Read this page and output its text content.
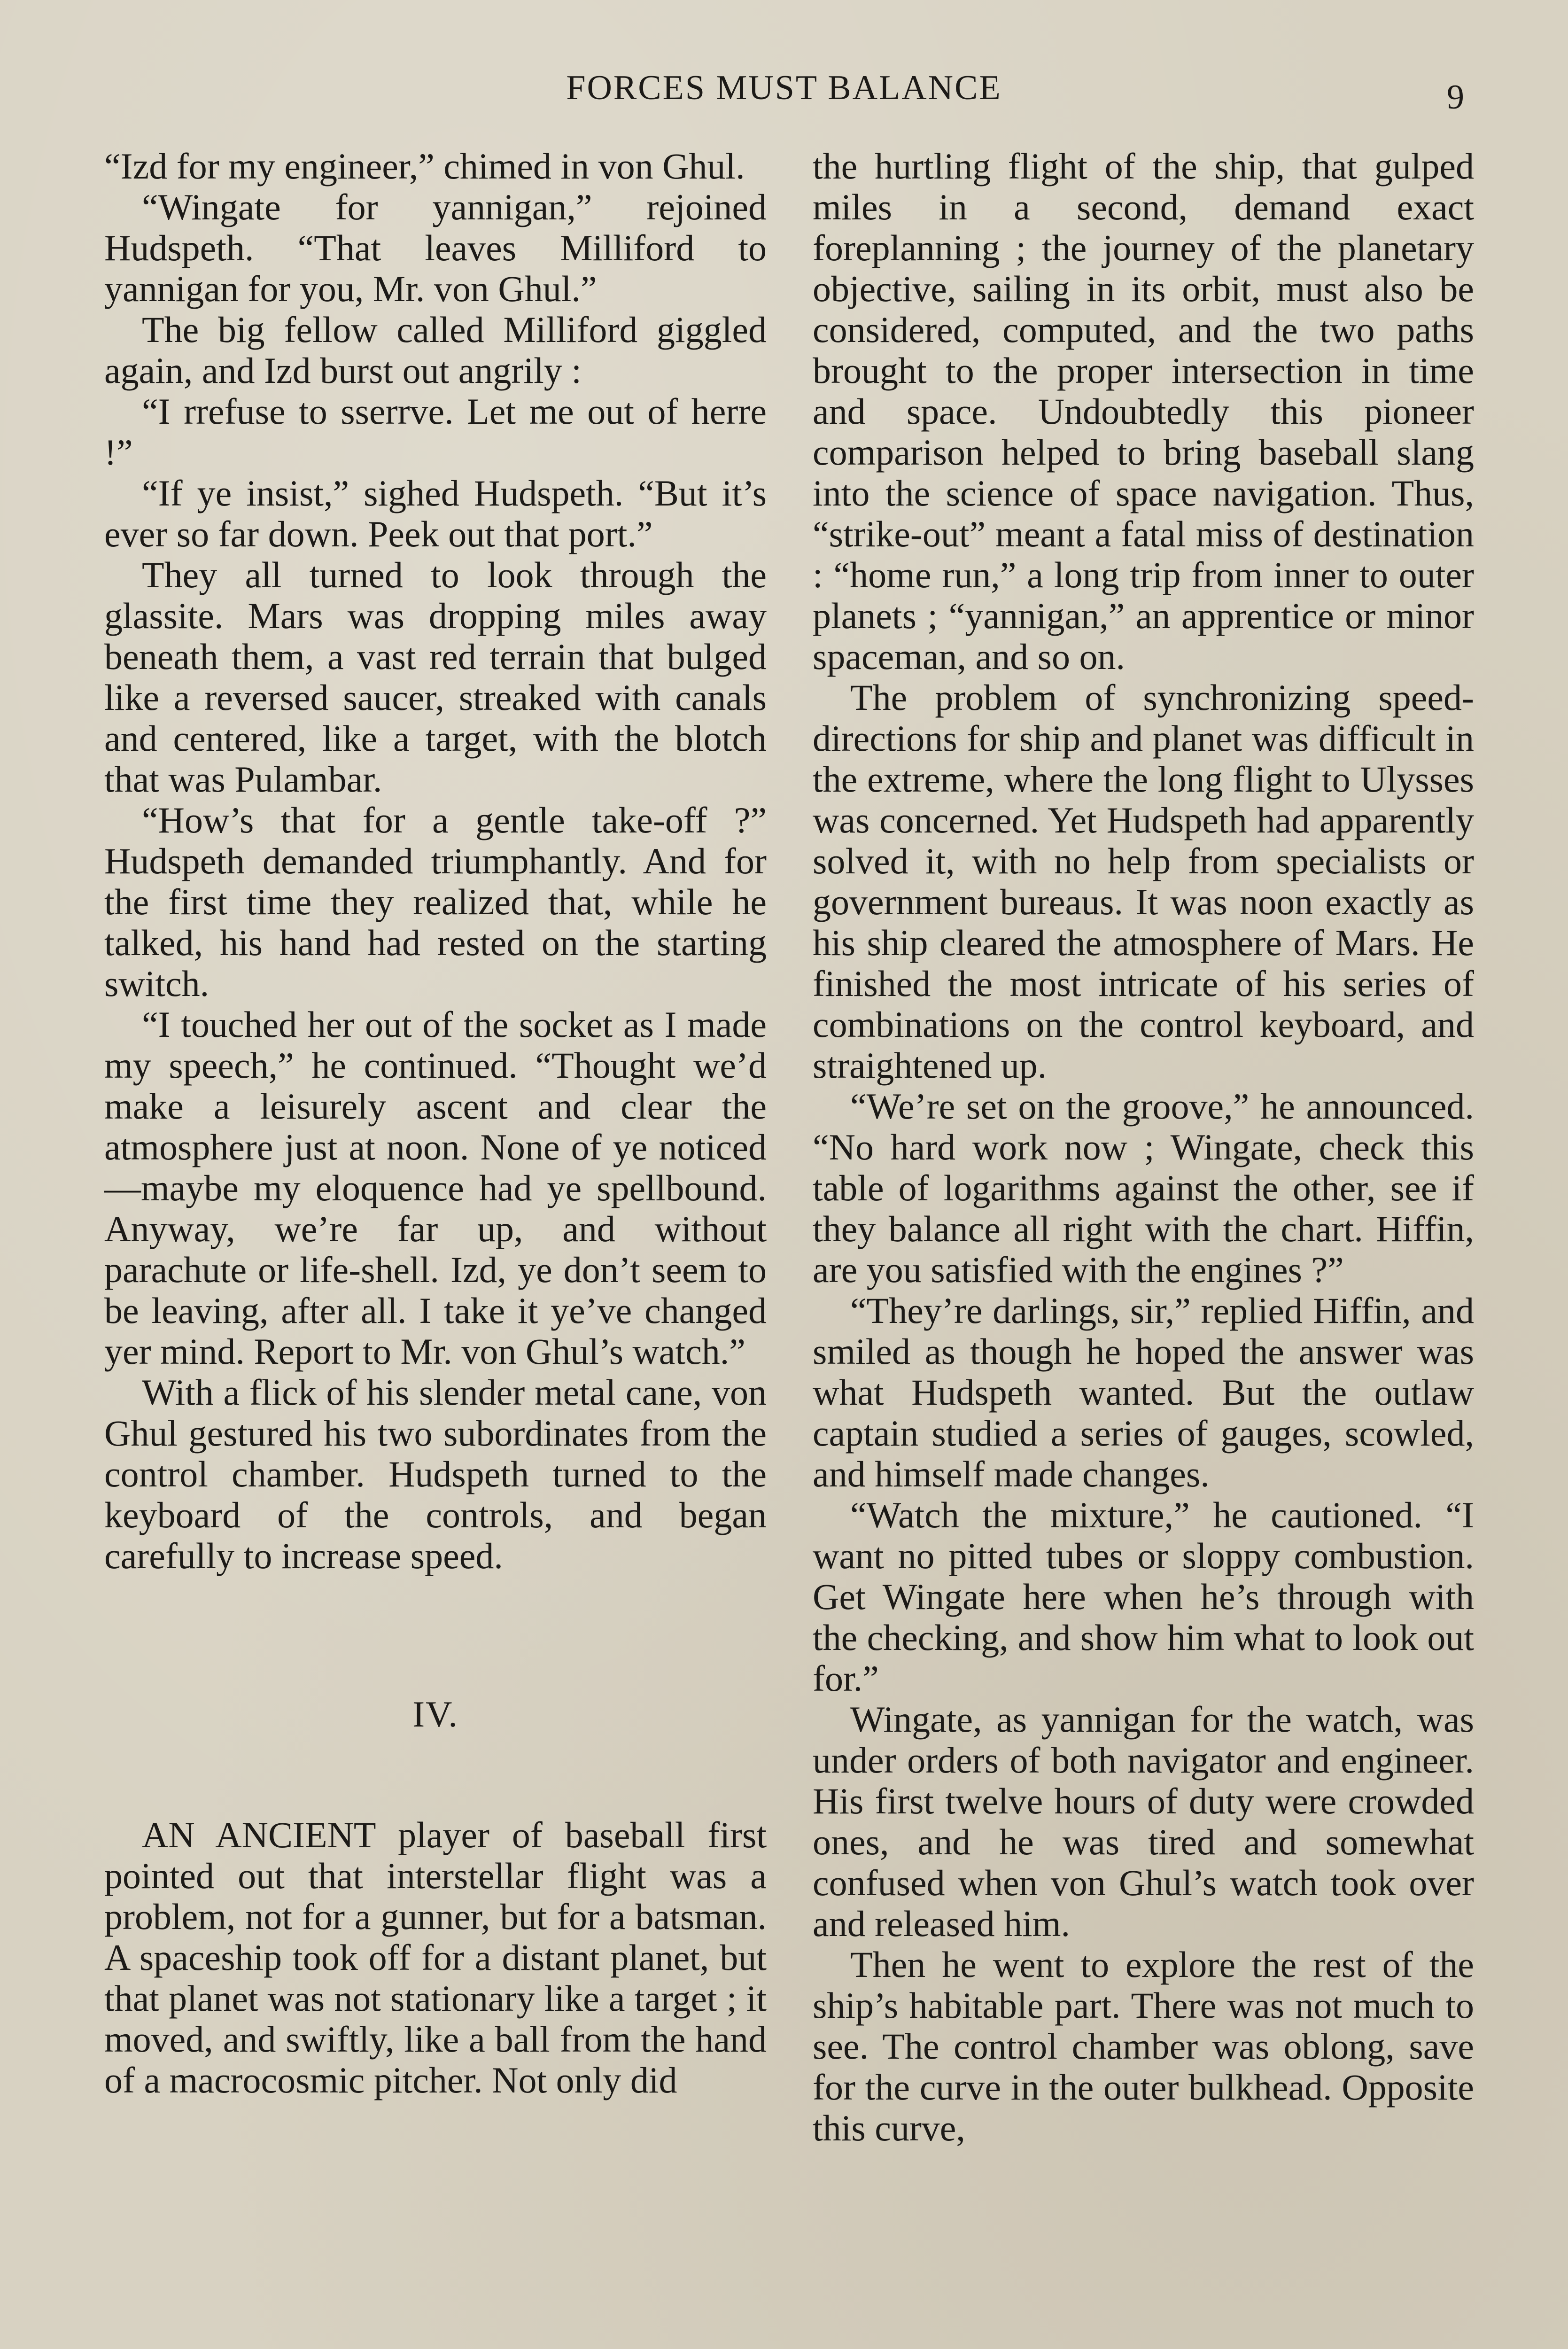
FORCES MUST BALANCE	9

“Izd for my engineer,” chimed in von Ghul.

“Wingate for yannigan,” rejoined Hudspeth. “That leaves Milliford to yannigan for you, Mr. von Ghul.”

The big fellow called Milliford giggled again, and Izd burst out angrily :

“I rrefuse to sserrve. Let me out of herre !”

“If ye insist,” sighed Hudspeth. “But it’s ever so far down. Peek out that port.”

They all turned to look through the glassite. Mars was dropping miles away beneath them, a vast red terrain that bulged like a reversed saucer, streaked with canals and centered, like a target, with the blotch that was Pulambar.

“How’s that for a gentle take-off ?” Hudspeth demanded triumphantly. And for the first time they realized that, while he talked, his hand had rested on the starting switch.

“I touched her out of the socket as I made my speech,” he continued. “Thought we’d make a leisurely ascent and clear the atmosphere just at noon. None of ye noticed—maybe my eloquence had ye spellbound. Anyway, we’re far up, and without parachute or life-shell. Izd, ye don’t seem to be leaving, after all. I take it ye’ve changed yer mind. Report to Mr. von Ghul’s watch.”

With a flick of his slender metal cane, von Ghul gestured his two subordinates from the control chamber. Hudspeth turned to the keyboard of the controls, and began carefully to increase speed.

IV.

AN ANCIENT player of baseball first pointed out that interstellar flight was a problem, not for a gunner, but for a batsman. A spaceship took off for a distant planet, but that planet was not stationary like a target ; it moved, and swiftly, like a ball from the hand of a macrocosmic pitcher. Not only did

the hurtling flight of the ship, that gulped miles in a second, demand exact foreplanning ; the journey of the planetary objective, sailing in its orbit, must also be considered, computed, and the two paths brought to the proper intersection in time and space. Undoubtedly this pioneer comparison helped to bring baseball slang into the science of space navigation. Thus, “strike-out” meant a fatal miss of destination : “home run,” a long trip from inner to outer planets ; “yannigan,” an apprentice or minor spaceman, and so on.

The problem of synchronizing speed-directions for ship and planet was difficult in the extreme, where the long flight to Ulysses was concerned. Yet Hudspeth had apparently solved it, with no help from specialists or government bureaus. It was noon exactly as his ship cleared the atmosphere of Mars. He finished the most intricate of his series of combinations on the control keyboard, and straightened up.

“We’re set on the groove,” he announced. “No hard work now ; Wingate, check this table of logarithms against the other, see if they balance all right with the chart. Hiffin, are you satisfied with the engines ?”

“They’re darlings, sir,” replied Hiffin, and smiled as though he hoped the answer was what Hudspeth wanted. But the outlaw captain studied a series of gauges, scowled, and himself made changes.

“Watch the mixture,” he cautioned. “I want no pitted tubes or sloppy combustion. Get Wingate here when he’s through with the checking, and show him what to look out for.”

Wingate, as yannigan for the watch, was under orders of both navigator and engineer. His first twelve hours of duty were crowded ones, and he was tired and somewhat confused when von Ghul’s watch took over and released him.

Then he went to explore the rest of the ship’s habitable part. There was not much to see. The control chamber was oblong, save for the curve in the outer bulkhead. Opposite this curve,
